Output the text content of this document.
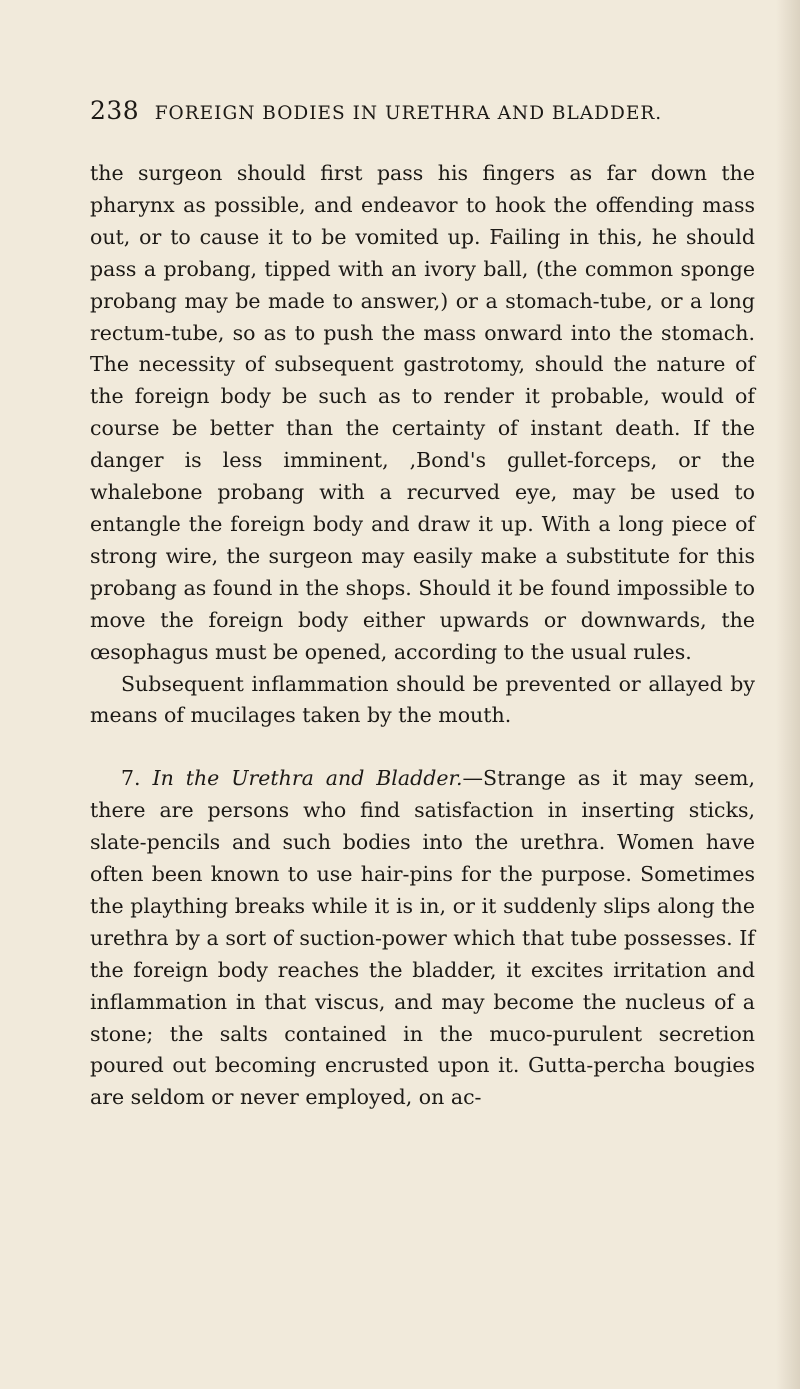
238 FOREIGN BODIES IN URETHRA AND BLADDER.

the surgeon should first pass his fingers as far down the pharynx as possible, and endeavor to hook the offending mass out, or to cause it to be vomited up. Failing in this, he should pass a probang, tipped with an ivory ball, (the common sponge probang may be made to answer,) or a stomach-tube, or a long rectum-tube, so as to push the mass onward into the stomach. The necessity of subsequent gastrotomy, should the nature of the foreign body be such as to render it probable, would of course be better than the certainty of instant death. If the danger is less imminent, ,Bond's gullet-forceps, or the whalebone probang with a recurved eye, may be used to entangle the foreign body and draw it up. With a long piece of strong wire, the surgeon may easily make a substitute for this probang as found in the shops. Should it be found impossible to move the foreign body either upwards or downwards, the œsophagus must be opened, according to the usual rules.

Subsequent inflammation should be prevented or allayed by means of mucilages taken by the mouth.

7. In the Urethra and Bladder.—Strange as it may seem, there are persons who find satisfaction in inserting sticks, slate-pencils and such bodies into the urethra. Women have often been known to use hair-pins for the purpose. Sometimes the plaything breaks while it is in, or it suddenly slips along the urethra by a sort of suction-power which that tube possesses. If the foreign body reaches the bladder, it excites irritation and inflammation in that viscus, and may become the nucleus of a stone; the salts contained in the muco-purulent secretion poured out becoming encrusted upon it. Gutta-percha bougies are seldom or never employed, on ac-
